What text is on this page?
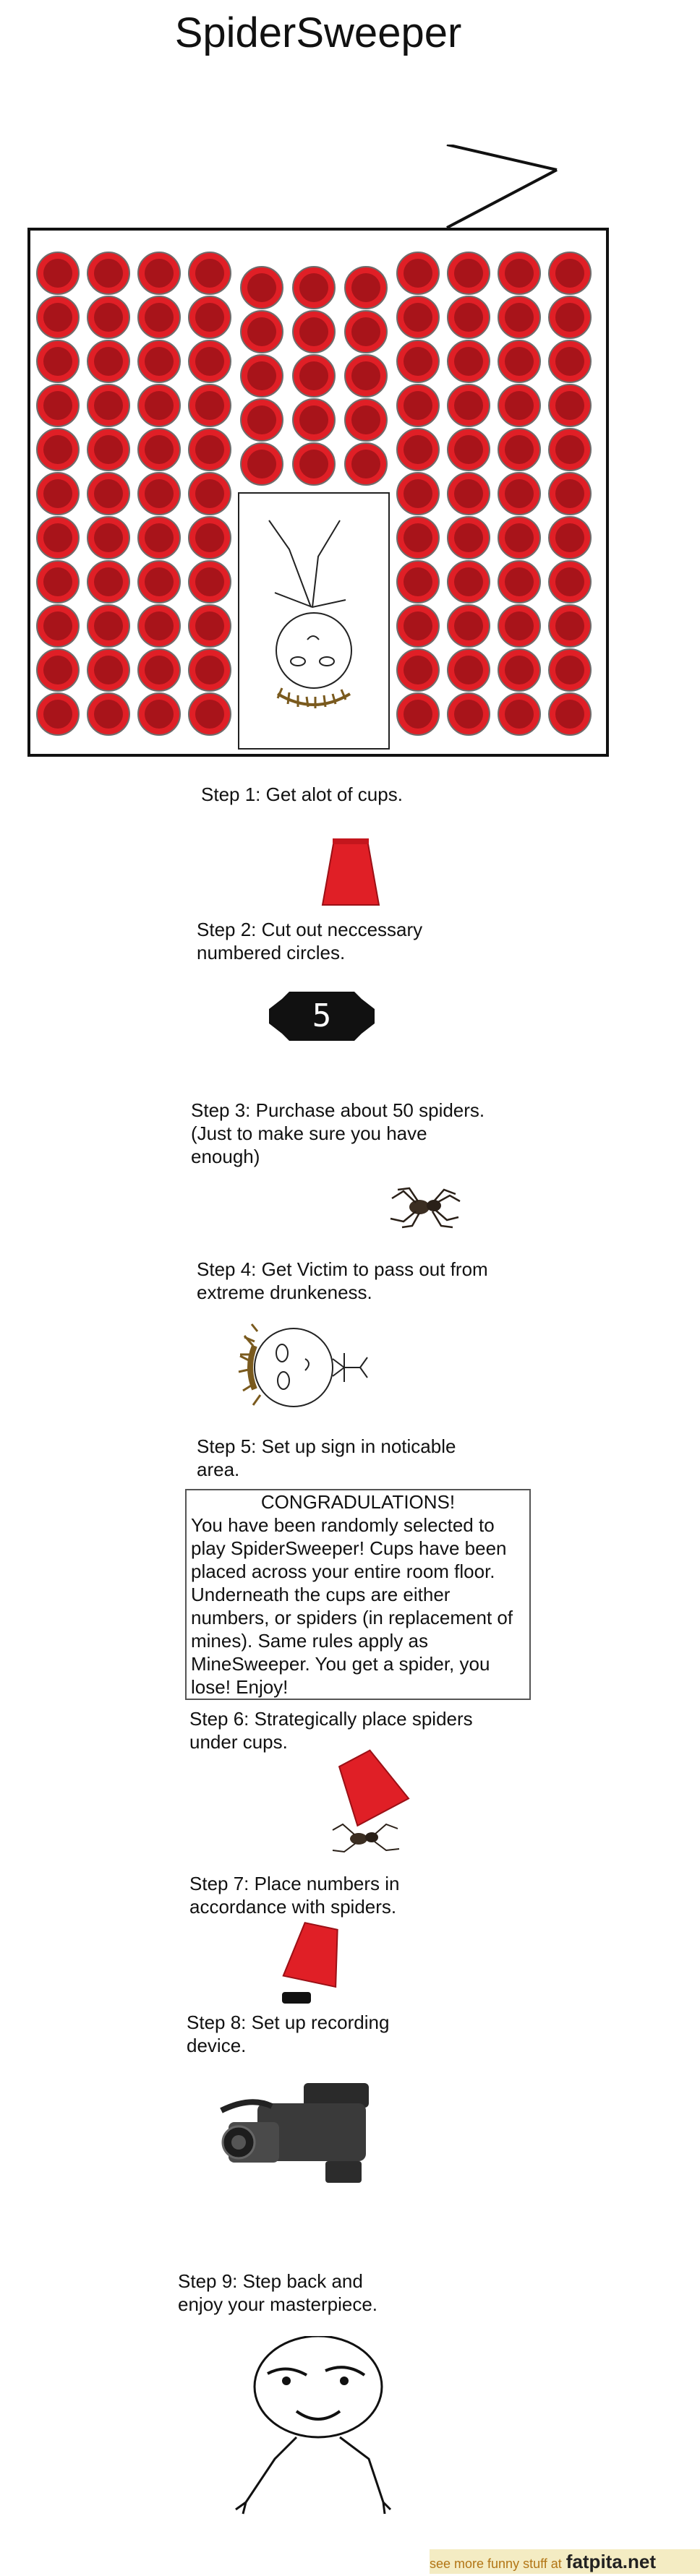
SpiderSweeper
Step 1: Get alot of cups.
Step 2: Cut out neccessary
numbered circles.
5
Step 3: Purchase about 50 spiders.
(Just to make sure you have
enough)
Step 4: Get Victim to pass out from
extreme drunkeness.
Step 5: Set up sign in noticable
area.
CONGRADULATIONS!
You have been randomly selected to play SpiderSweeper! Cups have been placed across your entire room floor. Underneath the cups are either numbers, or spiders (in replacement of mines). Same rules apply as MineSweeper. You get a spider, you lose! Enjoy!
Step 6: Strategically place spiders
under cups.
Step 7: Place numbers in
accordance with spiders.
Step 8: Set up recording
device.
Step 9: Step back and
enjoy your masterpiece.
see more funny stuff at fatpita.net
